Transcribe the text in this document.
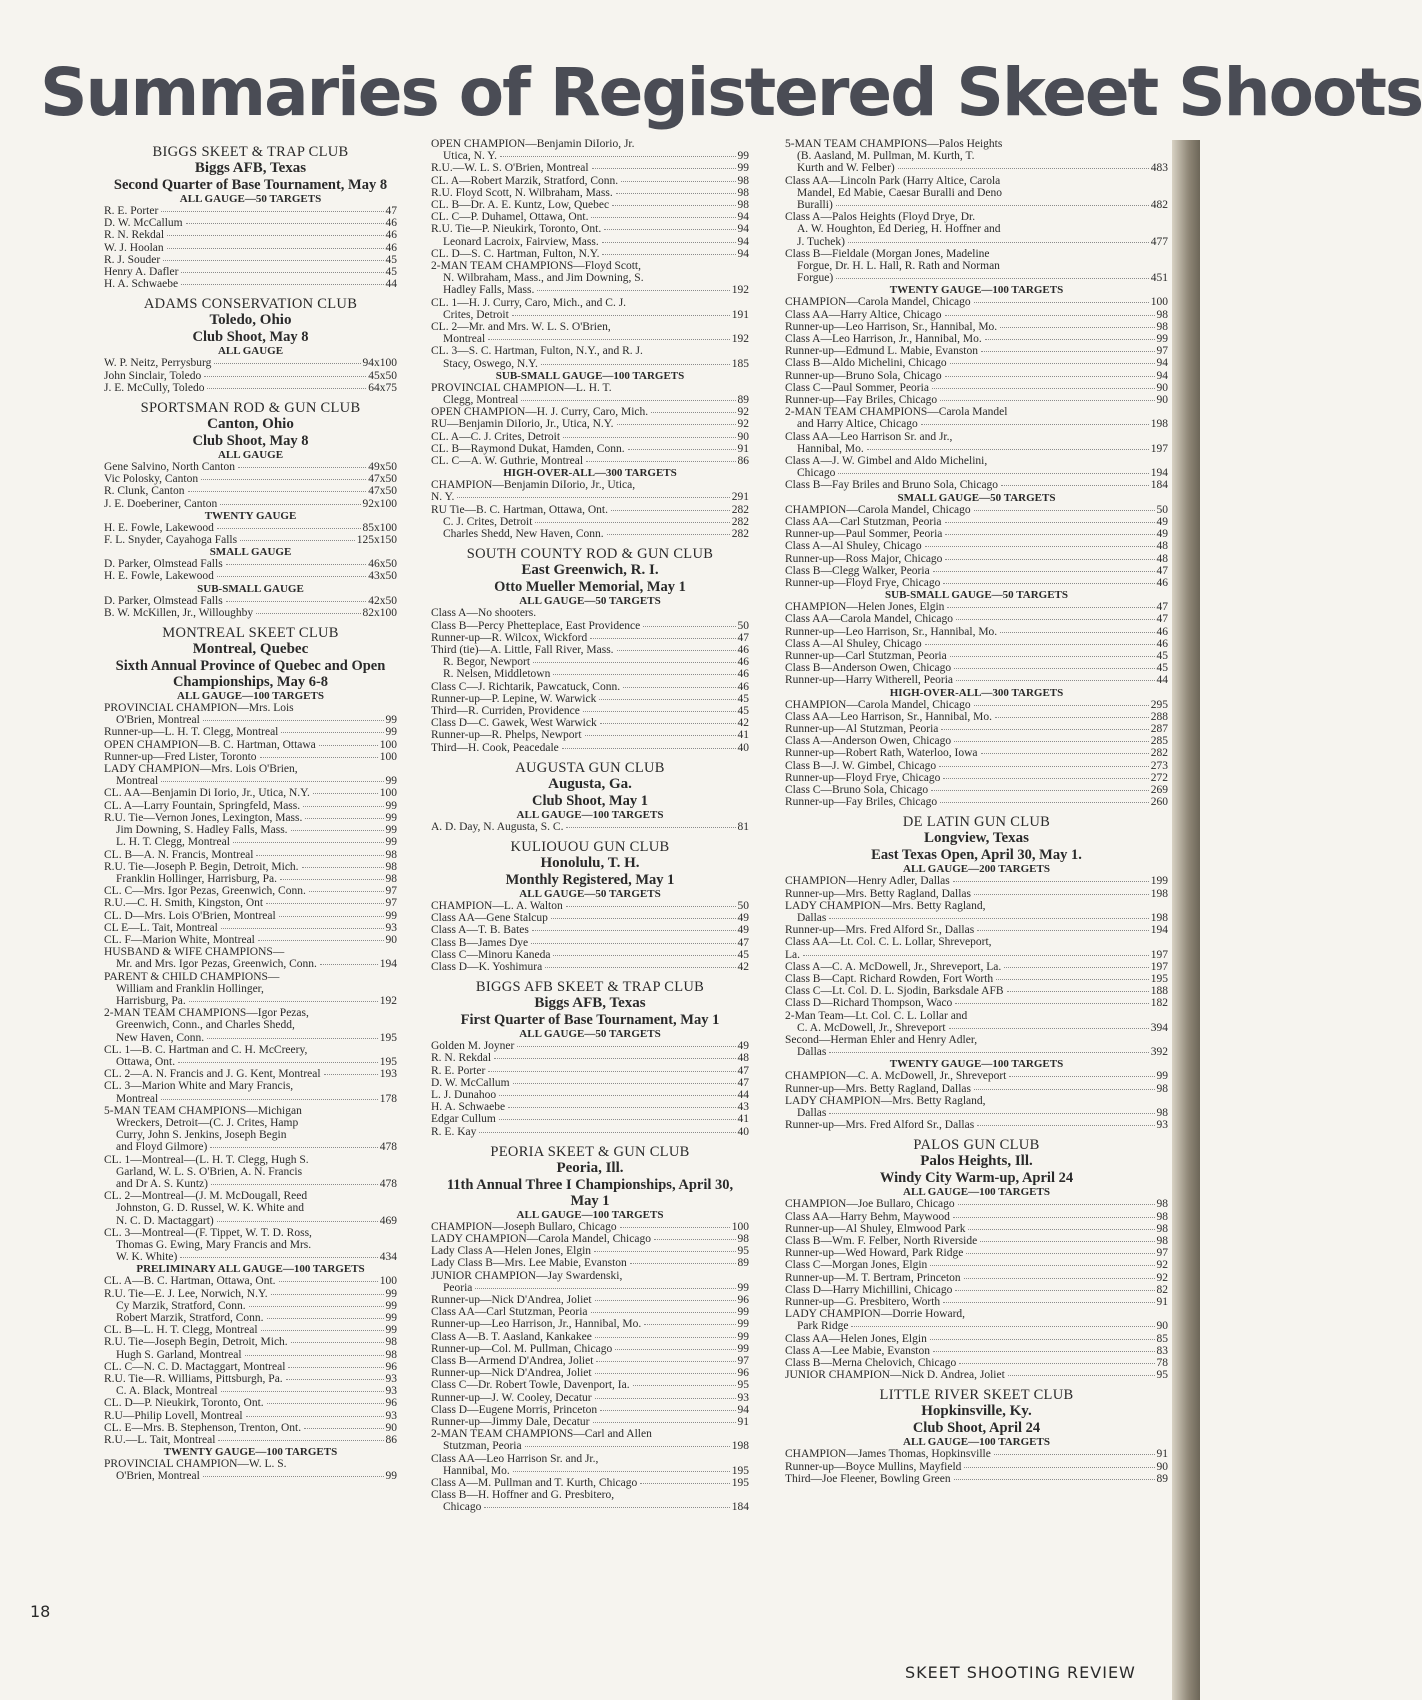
Summaries of Registered Skeet Shoots
BIGGS SKEET & TRAP CLUB
Biggs AFB, Texas
Second Quarter of Base Tournament, May 8
ALL GAUGE—50 TARGETS
R. E. Porter	47
D. W. McCallum	46
R. N. Rekdal	46
W. J. Hoolan	46
R. J. Souder	45
Henry A. Dafler	45
H. A. Schwaebe	44
ADAMS CONSERVATION CLUB
Toledo, Ohio
Club Shoot, May 8
ALL GAUGE
W. P. Neitz, Perrysburg	94x100
John Sinclair, Toledo	45x50
J. E. McCully, Toledo	64x75
SPORTSMAN ROD & GUN CLUB
Canton, Ohio
Club Shoot, May 8
ALL GAUGE
Gene Salvino, North Canton	49x50
Vic Polosky, Canton	47x50
R. Clunk, Canton	47x50
J. E. Doeberiner, Canton	92x100
TWENTY GAUGE
H. E. Fowle, Lakewood	85x100
F. L. Snyder, Cayahoga Falls	125x150
SMALL GAUGE
D. Parker, Olmstead Falls	46x50
H. E. Fowle, Lakewood	43x50
SUB-SMALL GAUGE
D. Parker, Olmstead Falls	42x50
B. W. McKillen, Jr., Willoughby	82x100
MONTREAL SKEET CLUB
Montreal, Quebec
Sixth Annual Province of Quebec and Open Championships, May 6-8
ALL GAUGE—100 TARGETS
PROVINCIAL CHAMPION—Mrs. Lois
O'Brien, Montreal	99
Runner-up—L. H. T. Clegg, Montreal	99
OPEN CHAMPION—B. C. Hartman, Ottawa	100
Runner-up—Fred Lister, Toronto	100
LADY CHAMPION—Mrs. Lois O'Brien,
Montreal	99
CL. AA—Benjamin Di Iorio, Jr., Utica, N.Y.	100
CL. A—Larry Fountain, Springfeld, Mass.	99
R.U. Tie—Vernon Jones, Lexington, Mass.	99
Jim Downing, S. Hadley Falls, Mass.	99
L. H. T. Clegg, Montreal	99
CL. B—A. N. Francis, Montreal	98
R.U. Tie—Joseph P. Begin, Detroit, Mich.	98
Franklin Hollinger, Harrisburg, Pa.	98
CL. C—Mrs. Igor Pezas, Greenwich, Conn.	97
R.U.—C. H. Smith, Kingston, Ont	97
CL. D—Mrs. Lois O'Brien, Montreal	99
CL E—L. Tait, Montreal	93
CL. F—Marion White, Montreal	90
HUSBAND & WIFE CHAMPIONS—
Mr. and Mrs. Igor Pezas, Greenwich, Conn.	194
PARENT & CHILD CHAMPIONS—
William and Franklin Hollinger,
Harrisburg, Pa.	192
2-MAN TEAM CHAMPIONS—Igor Pezas,
Greenwich, Conn., and Charles Shedd,
New Haven, Conn.	195
CL. 1—B. C. Hartman and C. H. McCreery,
Ottawa, Ont.	195
CL. 2—A. N. Francis and J. G. Kent, Montreal	193
CL. 3—Marion White and Mary Francis,
Montreal	178
5-MAN TEAM CHAMPIONS—Michigan
Wreckers, Detroit—(C. J. Crites, Hamp
Curry, John S. Jenkins, Joseph Begin
and Floyd Gilmore)	478
CL. 1—Montreal—(L. H. T. Clegg, Hugh S.
Garland, W. L. S. O'Brien, A. N. Francis
and Dr A. S. Kuntz)	478
CL. 2—Montreal—(J. M. McDougall, Reed
Johnston, G. D. Russel, W. K. White and
N. C. D. Mactaggart)	469
CL. 3—Montreal—(F. Tippet, W. T. D. Ross,
Thomas G. Ewing, Mary Francis and Mrs.
W. K. White)	434
PRELIMINARY ALL GAUGE—100 TARGETS
CL. A—B. C. Hartman, Ottawa, Ont.	100
R.U. Tie—E. J. Lee, Norwich, N.Y.	99
Cy Marzik, Stratford, Conn.	99
Robert Marzik, Stratford, Conn.	99
CL. B—L. H. T. Clegg, Montreal	99
R.U. Tie—Joseph Begin, Detroit, Mich.	98
Hugh S. Garland, Montreal	98
CL. C—N. C. D. Mactaggart, Montreal	96
R.U. Tie—R. Williams, Pittsburgh, Pa.	93
C. A. Black, Montreal	93
CL. D—P. Nieukirk, Toronto, Ont.	96
R.U—Philip Lovell, Montreal	93
CL. E—Mrs. B. Stephenson, Trenton, Ont.	90
R.U.—L. Tait, Montreal	86
TWENTY GAUGE—100 TARGETS
PROVINCIAL CHAMPION—W. L. S.
O'Brien, Montreal	99
OPEN CHAMPION—Benjamin DiIorio, Jr.
Utica, N. Y.	99
R.U.—W. L. S. O'Brien, Montreal	99
CL. A—Robert Marzik, Stratford, Conn.	98
R.U. Floyd Scott, N. Wilbraham, Mass.	98
CL. B—Dr. A. E. Kuntz, Low, Quebec	98
CL. C—P. Duhamel, Ottawa, Ont.	94
R.U. Tie—P. Nieukirk, Toronto, Ont.	94
Leonard Lacroix, Fairview, Mass.	94
CL. D—S. C. Hartman, Fulton, N.Y.	94
2-MAN TEAM CHAMPIONS—Floyd Scott,
N. Wilbraham, Mass., and Jim Downing, S.
Hadley Falls, Mass.	192
CL. 1—H. J. Curry, Caro, Mich., and C. J.
Crites, Detroit	191
CL. 2—Mr. and Mrs. W. L. S. O'Brien,
Montreal	192
CL. 3—S. C. Hartman, Fulton, N.Y., and R. J.
Stacy, Oswego, N.Y.	185
SUB-SMALL GAUGE—100 TARGETS
PROVINCIAL CHAMPION—L. H. T.
Clegg, Montreal	89
OPEN CHAMPION—H. J. Curry, Caro, Mich.	92
RU—Benjamin DiIorio, Jr., Utica, N.Y.	92
CL. A—C. J. Crites, Detroit	90
CL. B—Raymond Dukat, Hamden, Conn.	91
CL. C—A. W. Guthrie, Montreal	86
HIGH-OVER-ALL—300 TARGETS
CHAMPION—Benjamin DiIorio, Jr., Utica,
N. Y.	291
RU Tie—B. C. Hartman, Ottawa, Ont.	282
C. J. Crites, Detroit	282
Charles Shedd, New Haven, Conn.	282
SOUTH COUNTY ROD & GUN CLUB
East Greenwich, R. I.
Otto Mueller Memorial, May 1
ALL GAUGE—50 TARGETS
Class A—No shooters.
Class B—Percy Phetteplace, East Providence	50
Runner-up—R. Wilcox, Wickford	47
Third (tie)—A. Little, Fall River, Mass.	46
R. Begor, Newport	46
R. Nelsen, Middletown	46
Class C—J. Richtarik, Pawcatuck, Conn.	46
Runner-up—P. Lepine, W. Warwick	45
Third—R. Curriden, Providence	45
Class D—C. Gawek, West Warwick	42
Runner-up—R. Phelps, Newport	41
Third—H. Cook, Peacedale	40
AUGUSTA GUN CLUB
Augusta, Ga.
Club Shoot, May 1
ALL GAUGE—100 TARGETS
A. D. Day, N. Augusta, S. C.	81
KULIOUOU GUN CLUB
Honolulu, T. H.
Monthly Registered, May 1
ALL GAUGE—50 TARGETS
CHAMPION—L. A. Walton	50
Class AA—Gene Stalcup	49
Class A—T. B. Bates	49
Class B—James Dye	47
Class C—Minoru Kaneda	45
Class D—K. Yoshimura	42
BIGGS AFB SKEET & TRAP CLUB
Biggs AFB, Texas
First Quarter of Base Tournament, May 1
ALL GAUGE—50 TARGETS
Golden M. Joyner	49
R. N. Rekdal	48
R. E. Porter	47
D. W. McCallum	47
L. J. Dunahoo	44
H. A. Schwaebe	43
Edgar Cullum	41
R. E. Kay	40
PEORIA SKEET & GUN CLUB
Peoria, Ill.
11th Annual Three I Championships, April 30, May 1
ALL GAUGE—100 TARGETS
CHAMPION—Joseph Bullaro, Chicago	100
LADY CHAMPION—Carola Mandel, Chicago	98
Lady Class A—Helen Jones, Elgin	95
Lady Class B—Mrs. Lee Mabie, Evanston	89
JUNIOR CHAMPION—Jay Swardenski,
Peoria	99
Runner-up—Nick D'Andrea, Joliet	96
Class AA—Carl Stutzman, Peoria	99
Runner-up—Leo Harrison, Jr., Hannibal, Mo.	99
Class A—B. T. Aasland, Kankakee	99
Runner-up—Col. M. Pullman, Chicago	99
Class B—Armend D'Andrea, Joliet	97
Runner-up—Nick D'Andrea, Joliet	96
Class C—Dr. Robert Towle, Davenport, Ia.	95
Runner-up—J. W. Cooley, Decatur	93
Class D—Eugene Morris, Princeton	94
Runner-up—Jimmy Dale, Decatur	91
2-MAN TEAM CHAMPIONS—Carl and Allen
Stutzman, Peoria	198
Class AA—Leo Harrison Sr. and Jr.,
Hannibal, Mo.	195
Class A—M. Pullman and T. Kurth, Chicago	195
Class B—H. Hoffner and G. Presbitero,
Chicago	184
5-MAN TEAM CHAMPIONS—Palos Heights
(B. Aasland, M. Pullman, M. Kurth, T.
Kurth and W. Felber)	483
Class AA—Lincoln Park (Harry Altice, Carola
Mandel, Ed Mabie, Caesar Buralli and Deno
Buralli)	482
Class A—Palos Heights (Floyd Drye, Dr.
A. W. Houghton, Ed Derieg, H. Hoffner and
J. Tuchek)	477
Class B—Fieldale (Morgan Jones, Madeline
Forgue, Dr. H. L. Hall, R. Rath and Norman
Forgue)	451
TWENTY GAUGE—100 TARGETS
CHAMPION—Carola Mandel, Chicago	100
Class AA—Harry Altice, Chicago	98
Runner-up—Leo Harrison, Sr., Hannibal, Mo.	98
Class A—Leo Harrison, Jr., Hannibal, Mo.	99
Runner-up—Edmund L. Mabie, Evanston	97
Class B—Aldo Michelini, Chicago	94
Runner-up—Bruno Sola, Chicago	94
Class C—Paul Sommer, Peoria	90
Runner-up—Fay Briles, Chicago	90
2-MAN TEAM CHAMPIONS—Carola Mandel
and Harry Altice, Chicago	198
Class AA—Leo Harrison Sr. and Jr.,
Hannibal, Mo.	197
Class A—J. W. Gimbel and Aldo Michelini,
Chicago	194
Class B—Fay Briles and Bruno Sola, Chicago	184
SMALL GAUGE—50 TARGETS
CHAMPION—Carola Mandel, Chicago	50
Class AA—Carl Stutzman, Peoria	49
Runner-up—Paul Sommer, Peoria	49
Class A—Al Shuley, Chicago	48
Runner-up—Ross Major, Chicago	48
Class B—Clegg Walker, Peoria	47
Runner-up—Floyd Frye, Chicago	46
SUB-SMALL GAUGE—50 TARGETS
CHAMPION—Helen Jones, Elgin	47
Class AA—Carola Mandel, Chicago	47
Runner-up—Leo Harrison, Sr., Hannibal, Mo.	46
Class A—Al Shuley, Chicago	46
Runner-up—Carl Stutzman, Peoria	45
Class B—Anderson Owen, Chicago	45
Runner-up—Harry Witherell, Peoria	44
HIGH-OVER-ALL—300 TARGETS
CHAMPION—Carola Mandel, Chicago	295
Class AA—Leo Harrison, Sr., Hannibal, Mo.	288
Runner-up—Al Stutzman, Peoria	287
Class A—Anderson Owen, Chicago	285
Runner-up—Robert Rath, Waterloo, Iowa	282
Class B—J. W. Gimbel, Chicago	273
Runner-up—Floyd Frye, Chicago	272
Class C—Bruno Sola, Chicago	269
Runner-up—Fay Briles, Chicago	260
DE LATIN GUN CLUB
Longview, Texas
East Texas Open, April 30, May 1.
ALL GAUGE—200 TARGETS
CHAMPION—Henry Adler, Dallas	199
Runner-up—Mrs. Betty Ragland, Dallas	198
LADY CHAMPION—Mrs. Betty Ragland,
Dallas	198
Runner-up—Mrs. Fred Alford Sr., Dallas	194
Class AA—Lt. Col. C. L. Lollar, Shreveport,
La.	197
Class A—C. A. McDowell, Jr., Shreveport, La.	197
Class B—Capt. Richard Rowden, Fort Worth	195
Class C—Lt. Col. D. L. Sjodin, Barksdale AFB	188
Class D—Richard Thompson, Waco	182
2-Man Team—Lt. Col. C. L. Lollar and
C. A. McDowell, Jr., Shreveport	394
Second—Herman Ehler and Henry Adler,
Dallas	392
TWENTY GAUGE—100 TARGETS
CHAMPION—C. A. McDowell, Jr., Shreveport	99
Runner-up—Mrs. Betty Ragland, Dallas	98
LADY CHAMPION—Mrs. Betty Ragland,
Dallas	98
Runner-up—Mrs. Fred Alford Sr., Dallas	93
PALOS GUN CLUB
Palos Heights, Ill.
Windy City Warm-up, April 24
ALL GAUGE—100 TARGETS
CHAMPION—Joe Bullaro, Chicago	98
Class AA—Harry Behm, Maywood	98
Runner-up—Al Shuley, Elmwood Park	98
Class B—Wm. F. Felber, North Riverside	98
Runner-up—Wed Howard, Park Ridge	97
Class C—Morgan Jones, Elgin	92
Runner-up—M. T. Bertram, Princeton	92
Class D—Harry Michillini, Chicago	82
Runner-up—G. Presbitero, Worth	91
LADY CHAMPION—Dorrie Howard,
Park Ridge	90
Class AA—Helen Jones, Elgin	85
Class A—Lee Mabie, Evanston	83
Class B—Merna Chelovich, Chicago	78
JUNIOR CHAMPION—Nick D. Andrea, Joliet	95
LITTLE RIVER SKEET CLUB
Hopkinsville, Ky.
Club Shoot, April 24
ALL GAUGE—100 TARGETS
CHAMPION—James Thomas, Hopkinsville	91
Runner-up—Boyce Mullins, Mayfield	90
Third—Joe Fleener, Bowling Green	89

18

SKEET SHOOTING REVIEW
